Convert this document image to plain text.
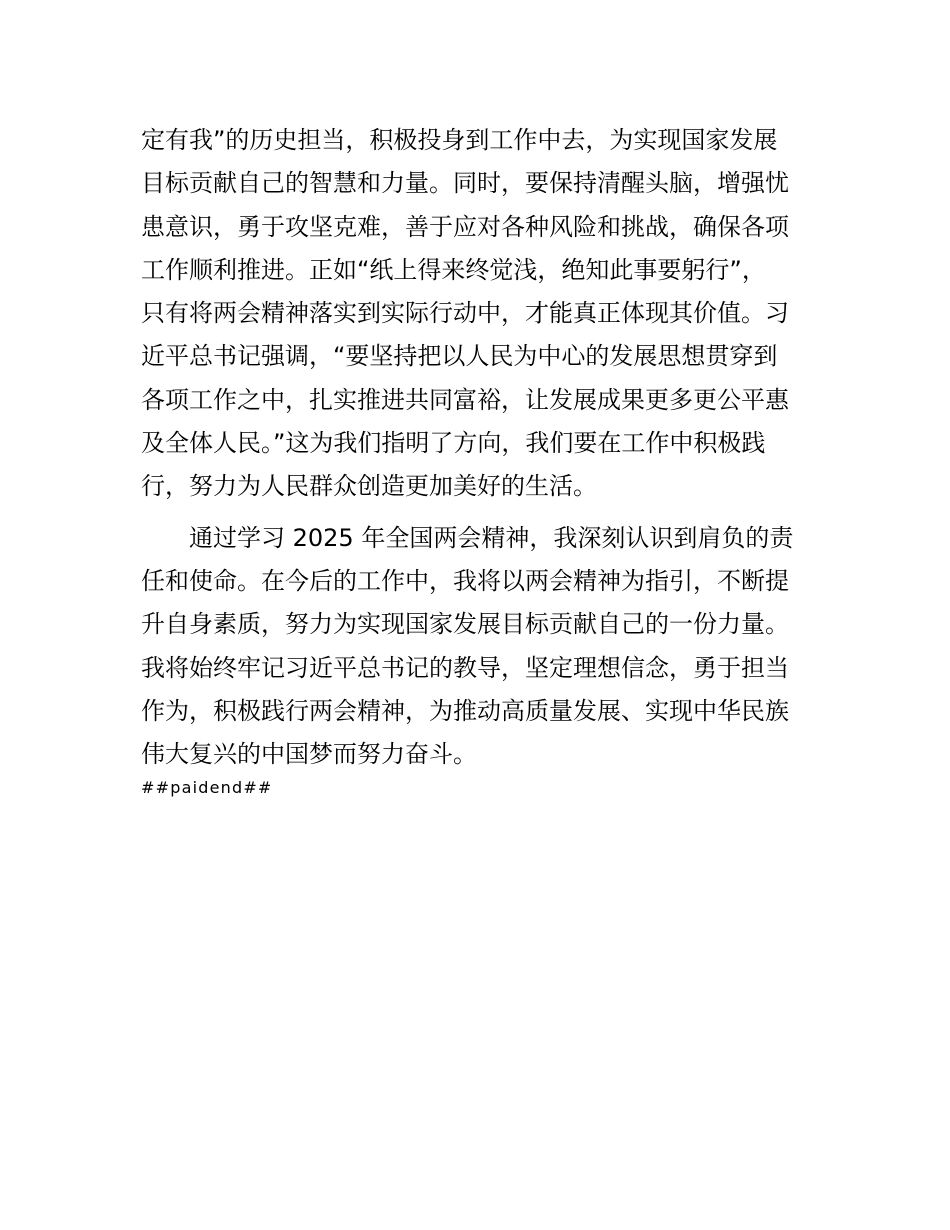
定有我”的历史担当，积极投身到工作中去，为实现国家发展
目标贡献自己的智慧和力量。同时，要保持清醒头脑，增强忧
患意识，勇于攻坚克难，善于应对各种风险和挑战，确保各项
工作顺利推进。正如“纸上得来终觉浅，绝知此事要躬行”，
只有将两会精神落实到实际行动中，才能真正体现其价值。习
近平总书记强调，“要坚持把以人民为中心的发展思想贯穿到
各项工作之中，扎实推进共同富裕，让发展成果更多更公平惠
及全体人民。”这为我们指明了方向，我们要在工作中积极践
行，努力为人民群众创造更加美好的生活。
　　通过学习 2025 年全国两会精神，我深刻认识到肩负的责
任和使命。在今后的工作中，我将以两会精神为指引，不断提
升自身素质，努力为实现国家发展目标贡献自己的一份力量。
我将始终牢记习近平总书记的教导，坚定理想信念，勇于担当
作为，积极践行两会精神，为推动高质量发展、实现中华民族
伟大复兴的中国梦而努力奋斗。
##paidend##
